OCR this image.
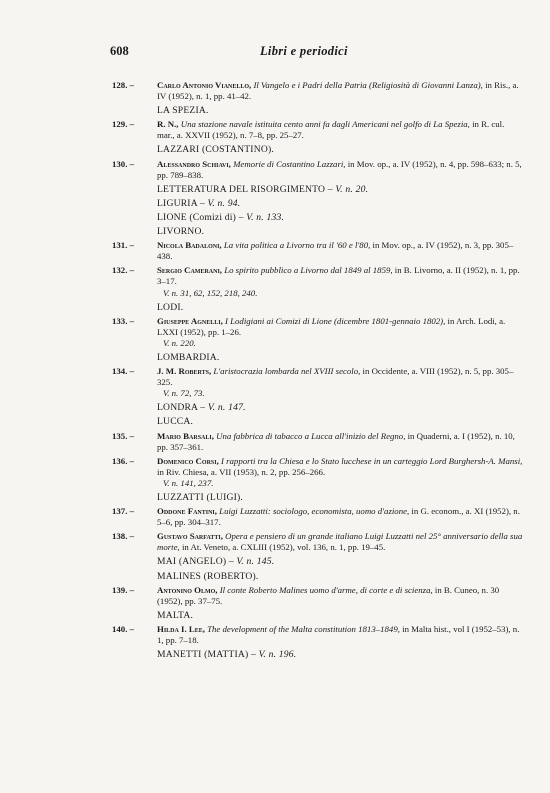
608	Libri e periodici
128. –	Carlo Antonio Vianello, Il Vangelo e i Padri della Patria (Religiosità di Giovanni Lanza), in Ris., a. IV (1952), n. 1, pp. 41–42.
LA SPEZIA.
129. –	R. N., Una stazione navale istituita cento anni fa dagli Americani nel golfo di La Spezia, in R. cul. mar., a. XXVII (1952), n. 7–8, pp. 25–27.
LAZZARI (COSTANTINO).
130. –	Alessandro Schiavi, Memorie di Costantino Lazzari, in Mov. op., a. IV (1952), n. 4, pp. 598–633; n. 5, pp. 789–838.
LETTERATURA DEL RISORGIMENTO – V. n. 20.
LIGURIA – V. n. 94.
LIONE (Comizi di) – V. n. 133.
LIVORNO.
131. –	Nicola Badaloni, La vita politica a Livorno tra il '60 e l'80, in Mov. op., a. IV (1952), n. 3, pp. 305–438.
132. –	Sergio Camerani, Lo spirito pubblico a Livorno dal 1849 al 1859, in B. Livorno, a. II (1952), n. 1, pp. 3–17.
V. n. 31, 62, 152, 218, 240.
LODI.
133. –	Giuseppe Agnelli, I Lodigiani ai Comizi di Lione (dicembre 1801-gennaio 1802), in Arch. Lodi, a. LXXI (1952), pp. 1–26.
V. n. 220.
LOMBARDIA.
134. –	J. M. Roberts, L'aristocrazia lombarda nel XVIII secolo, in Occidente, a. VIII (1952), n. 5, pp. 305–325.
V. n. 72, 73.
LONDRA – V. n. 147.
LUCCA.
135. –	Mario Barsali, Una fabbrica di tabacco a Lucca all'inizio del Regno, in Quaderni, a. I (1952), n. 10, pp. 357–361.
136. –	Domenico Corsi, I rapporti tra la Chiesa e lo Stato lucchese in un carteggio Lord Burghersh-A. Mansi, in Riv. Chiesa, a. VII (1953), n. 2, pp. 256–266.
V. n. 141, 237.
LUZZATTI (LUIGI).
137. –	Oddone Fantini, Luigi Luzzatti: sociologo, economista, uomo d'azione, in G. econom., a. XI (1952), n. 5–6, pp. 304–317.
138. –	Gustavo Sarfatti, Opera e pensiero di un grande italiano Luigi Luzzatti nel 25° anniversario della sua morte, in At. Veneto, a. CXLIII (1952), vol. 136, n. 1, pp. 19–45.
MAI (ANGELO) – V. n. 145.
MALINES (ROBERTO).
139. –	Antonino Olmo, Il conte Roberto Malines uomo d'arme, di corte e di scienza, in B. Cuneo, n. 30 (1952), pp. 37–75.
MALTA.
140. –	Hilda I. Lee, The development of the Malta constitution 1813–1849, in Malta hist., vol I (1952–53), n. 1, pp. 7–18.
MANETTI (MATTIA) – V. n. 196.
